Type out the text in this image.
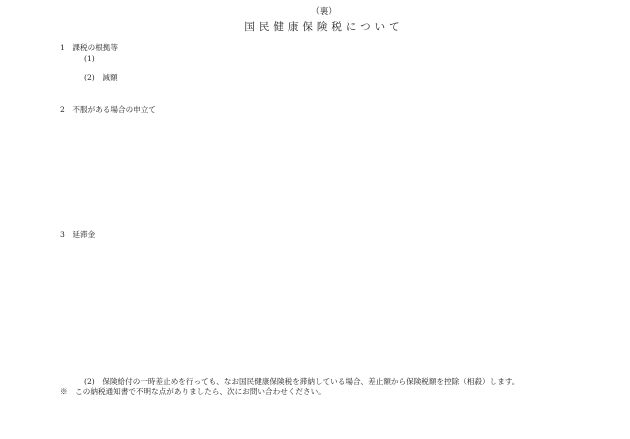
（裏）

国民健康保険税について

1　課税の根拠等
(1)
(2)　減額
2　不服がある場合の申立て
3　延滞金
(2)　保険給付の一時差止めを行っても、なお国民健康保険税を滞納している場合、差止額から保険税額を控除（相殺）します。
※　この納税通知書で不明な点がありましたら、次にお問い合わせください。
